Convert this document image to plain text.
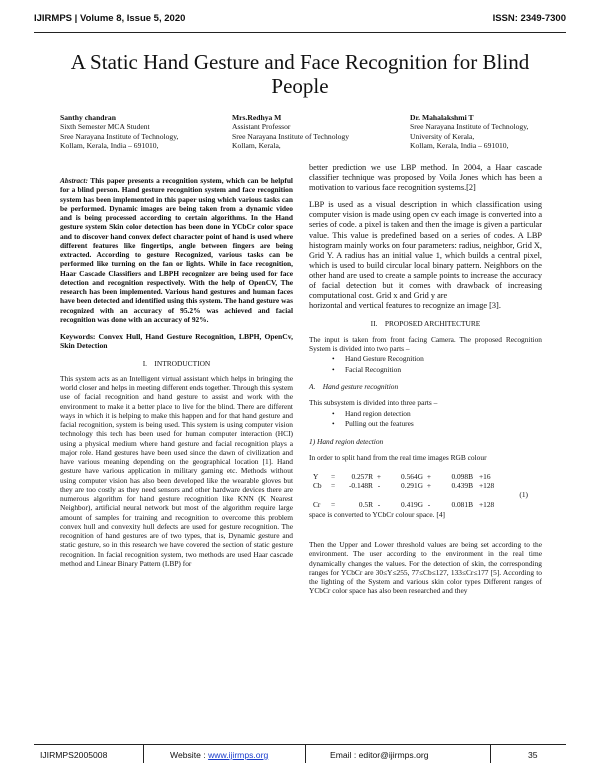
IJIRMPS | Volume 8, Issue 5, 2020	ISSN: 2349-7300
A Static Hand Gesture and Face Recognition for Blind People
Santhy chandran
Sixth Semester MCA Student
Sree Narayana Institute of Technology,
Kollam, Kerala, India – 691010,
Mrs.Redhya M
Assistant Professor
Sree Narayana Institute of Technology
Kollam, Kerala,
Dr. Mahalakshmi T
Sree Narayana Institute of Technology,
University of Kerala,
Kollam, Kerala, India – 691010,

Abstract: This paper presents a recognition system, which can be helpful for a blind person. Hand gesture recognition system and face recognition system has been implemented in this paper using which various tasks can be performed. Dynamic images are being taken from a dynamic video and is being processed according to certain algorithms. In the Hand gesture system Skin color detection has been done in YCbCr color space and to discover hand convex defect character point of hand is used where different features like fingertips, angle between fingers are being extracted. According to gesture Recognized, various tasks can be performed like turning on the fan or lights. While in face recognition, Haar Cascade Classifiers and LBPH recognizer are being used for face detection and recognition respectively. With the help of OpenCV, The research has been implemented. Various hand gestures and human faces have been detected and identified using this system. The hand gesture was recognized with an accuracy of 95.2% was achieved and facial recognition was done with an accuracy of 92%.

Keywords: Convex Hull, Hand Gesture Recognition, LBPH, OpenCv, Skin Detection

I. INTRODUCTION

This system acts as an Intelligent virtual assistant which helps in bringing the world closer and helps in meeting different ends together. Through this system use of facial recognition and hand gesture to assist and work with the environment to make it a better place to live for the blind. There are different ways in which it is helping to make this happen and for that hand gesture and facial recognition, system is being used. This system is using computer vision technology this tech has been used for human computer interaction (HCI) using a physical medium where hand gesture and facial recognition plays a major role. Hand gestures have been used since the dawn of civilization and have various meaning depending on the geographical location [1]. Hand gesture have various application in military gaming etc. Methods without using computer vision has also been developed like the wearable gloves but they are too costly as they need sensors and other hardware devices there are numerous algorithm for hand gesture recognition like KNN (K Nearest Neighbor), artificial neural network but most of the algorithm require large amount of samples for training and recognition to overcome this problem convex hull and convexity hull defects are used for gesture recognition. The recognition of hand gestures are of two types, that is, Dynamic gesture and static gesture, so in this research we have covered the section of static gesture recognition. In facial recognition system, two methods are used Haar cascade method and Linear Binary Pattern (LBP) for

better prediction we use LBP method. In 2004, a Haar cascade classifier technique was proposed by Voila Jones which has been a motivation to various face recognition systems.[2]

LBP is used as a visual description in which classification using computer vision is made using open cv each image is converted into a series of code. a pixel is taken and then the image is given a particular value. This value is predefined based on a series of codes. A LBP histogram mainly works on four parameters: radius, neighbor, Grid X, Grid Y. A radius has an initial value 1, which builds a central pixel, which is used to build circular local binary pattern. Neighbors on the other hand are used to create a sample points to increase the accuracy of facial detection but it comes with drawback of increasing computational cost. Grid x and Grid y are

horizontal and vertical features to recognize an image [3].

II. PROPOSED ARCHITECTURE

The input is taken from front facing Camera. The proposed Recognition System is divided into two parts –

• Hand Gesture Recognition
• Facial Recognition
A. Hand gesture recognition

This subsystem is divided into three parts –

• Hand region detection
• Pulling out the features
1) Hand region detection

In order to split hand from the real time images RGB colour

Y	=	0.257R	+	0.564G	+	0.098B	+16
Cb	=	-0.148R	-	0.291G	+	0.439B	+128
(1)							
Cr	=	0.5R	-	0.419G	-	0.081B	+128

space is converted to YCbCr colour space. [4]

Then the Upper and Lower threshold values are being set according to the environment. The user according to the environment in the real time dynamically changes the values. For the detection of skin, the corresponding ranges for YCbCr are 30≤Y≤255, 77≤Cb≤127, 133≤Cr≤177 [5]. According to the lighting of the System and various skin color types Different ranges of YCbCr color space has also been researched and they

IJIRMPS2005008	Website : www.ijirmps.org	Email : editor@ijirmps.org	35
